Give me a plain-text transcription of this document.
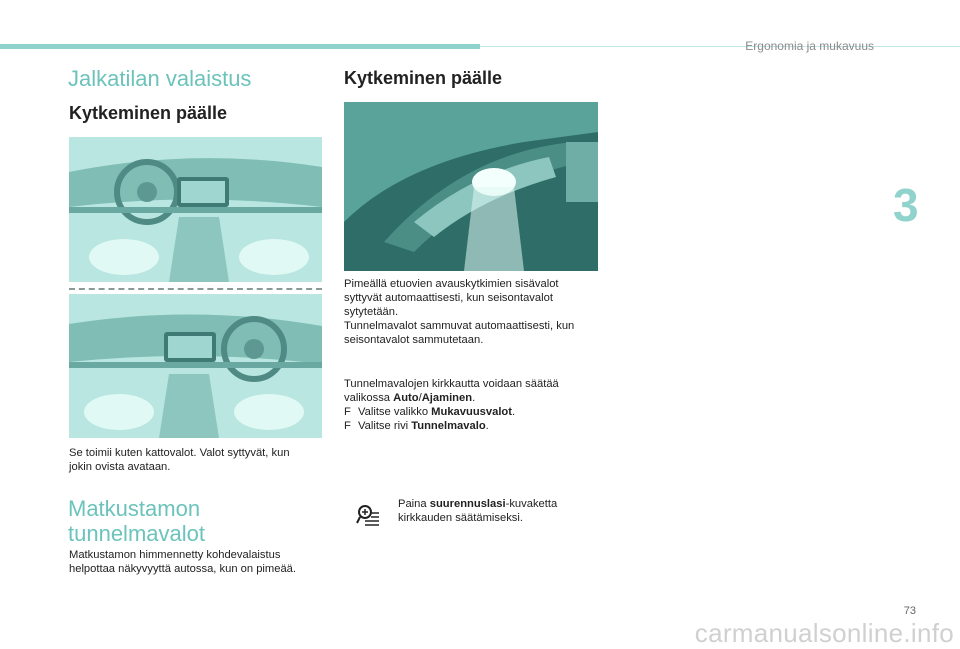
Ergonomia ja mukavuus
3
Jalkatilan valaistus
Kytkeminen päälle
Se toimii kuten kattovalot. Valot syttyvät, kun
jokin ovista avataan.
Matkustamon
tunnelmavalot
Matkustamon himmennetty kohdevalaistus
helpottaa näkyvyyttä autossa, kun on pimeää.
Kytkeminen päälle
Pimeällä etuovien avauskytkimien sisävalot
syttyvät automaattisesti, kun seisontavalot
sytytetään.
Tunnelmavalot sammuvat automaattisesti, kun
seisontavalot sammutetaan.
Tunnelmavalojen kirkkautta voidaan säätää
valikossa Auto/Ajaminen.
F Valitse valikko Mukavuusvalot.
F Valitse rivi Tunnelmavalo.
Paina suurennuslasi-kuvaketta
kirkkauden säätämiseksi.
73
carmanualsonline.info
